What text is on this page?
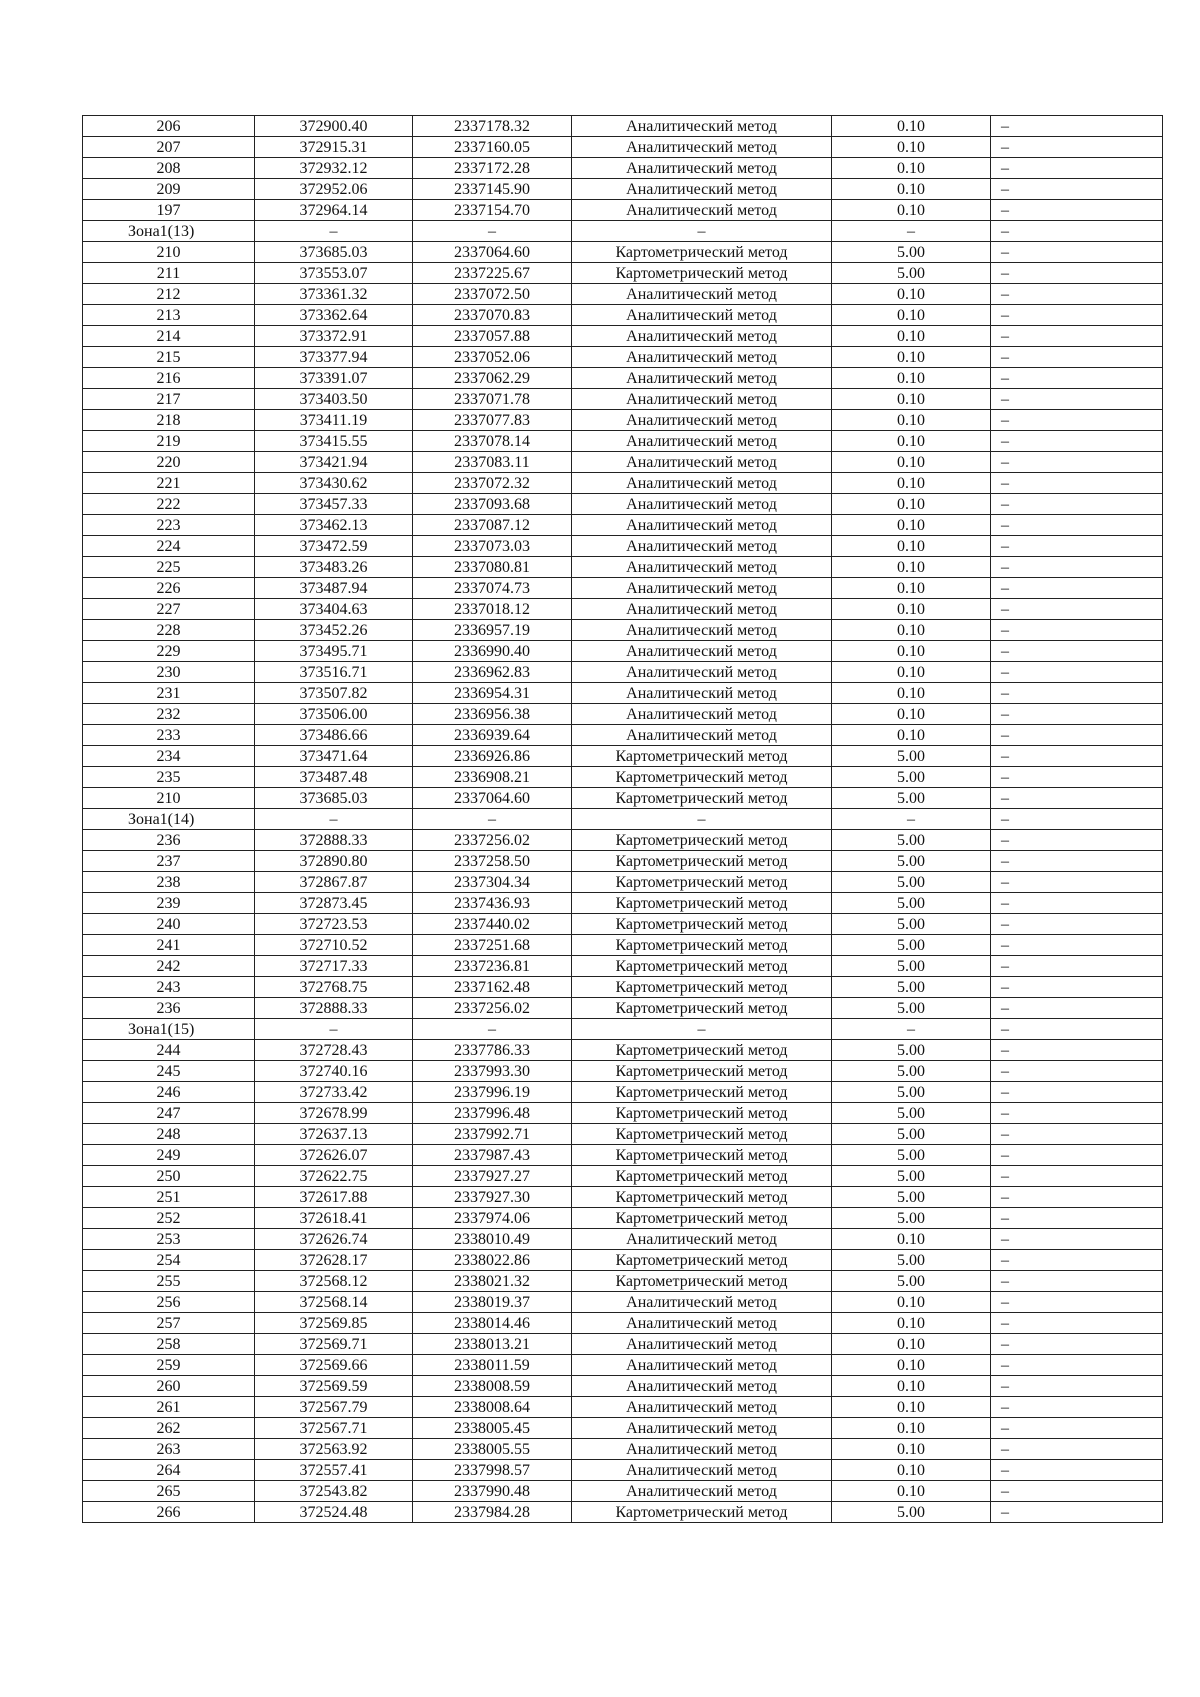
206	372900.40	2337178.32	Аналитический метод	0.10	–
207	372915.31	2337160.05	Аналитический метод	0.10	–
208	372932.12	2337172.28	Аналитический метод	0.10	–
209	372952.06	2337145.90	Аналитический метод	0.10	–
197	372964.14	2337154.70	Аналитический метод	0.10	–
Зона1(13)	–	–	–	–	–
210	373685.03	2337064.60	Картометрический метод	5.00	–
211	373553.07	2337225.67	Картометрический метод	5.00	–
212	373361.32	2337072.50	Аналитический метод	0.10	–
213	373362.64	2337070.83	Аналитический метод	0.10	–
214	373372.91	2337057.88	Аналитический метод	0.10	–
215	373377.94	2337052.06	Аналитический метод	0.10	–
216	373391.07	2337062.29	Аналитический метод	0.10	–
217	373403.50	2337071.78	Аналитический метод	0.10	–
218	373411.19	2337077.83	Аналитический метод	0.10	–
219	373415.55	2337078.14	Аналитический метод	0.10	–
220	373421.94	2337083.11	Аналитический метод	0.10	–
221	373430.62	2337072.32	Аналитический метод	0.10	–
222	373457.33	2337093.68	Аналитический метод	0.10	–
223	373462.13	2337087.12	Аналитический метод	0.10	–
224	373472.59	2337073.03	Аналитический метод	0.10	–
225	373483.26	2337080.81	Аналитический метод	0.10	–
226	373487.94	2337074.73	Аналитический метод	0.10	–
227	373404.63	2337018.12	Аналитический метод	0.10	–
228	373452.26	2336957.19	Аналитический метод	0.10	–
229	373495.71	2336990.40	Аналитический метод	0.10	–
230	373516.71	2336962.83	Аналитический метод	0.10	–
231	373507.82	2336954.31	Аналитический метод	0.10	–
232	373506.00	2336956.38	Аналитический метод	0.10	–
233	373486.66	2336939.64	Аналитический метод	0.10	–
234	373471.64	2336926.86	Картометрический метод	5.00	–
235	373487.48	2336908.21	Картометрический метод	5.00	–
210	373685.03	2337064.60	Картометрический метод	5.00	–
Зона1(14)	–	–	–	–	–
236	372888.33	2337256.02	Картометрический метод	5.00	–
237	372890.80	2337258.50	Картометрический метод	5.00	–
238	372867.87	2337304.34	Картометрический метод	5.00	–
239	372873.45	2337436.93	Картометрический метод	5.00	–
240	372723.53	2337440.02	Картометрический метод	5.00	–
241	372710.52	2337251.68	Картометрический метод	5.00	–
242	372717.33	2337236.81	Картометрический метод	5.00	–
243	372768.75	2337162.48	Картометрический метод	5.00	–
236	372888.33	2337256.02	Картометрический метод	5.00	–
Зона1(15)	–	–	–	–	–
244	372728.43	2337786.33	Картометрический метод	5.00	–
245	372740.16	2337993.30	Картометрический метод	5.00	–
246	372733.42	2337996.19	Картометрический метод	5.00	–
247	372678.99	2337996.48	Картометрический метод	5.00	–
248	372637.13	2337992.71	Картометрический метод	5.00	–
249	372626.07	2337987.43	Картометрический метод	5.00	–
250	372622.75	2337927.27	Картометрический метод	5.00	–
251	372617.88	2337927.30	Картометрический метод	5.00	–
252	372618.41	2337974.06	Картометрический метод	5.00	–
253	372626.74	2338010.49	Аналитический метод	0.10	–
254	372628.17	2338022.86	Картометрический метод	5.00	–
255	372568.12	2338021.32	Картометрический метод	5.00	–
256	372568.14	2338019.37	Аналитический метод	0.10	–
257	372569.85	2338014.46	Аналитический метод	0.10	–
258	372569.71	2338013.21	Аналитический метод	0.10	–
259	372569.66	2338011.59	Аналитический метод	0.10	–
260	372569.59	2338008.59	Аналитический метод	0.10	–
261	372567.79	2338008.64	Аналитический метод	0.10	–
262	372567.71	2338005.45	Аналитический метод	0.10	–
263	372563.92	2338005.55	Аналитический метод	0.10	–
264	372557.41	2337998.57	Аналитический метод	0.10	–
265	372543.82	2337990.48	Аналитический метод	0.10	–
266	372524.48	2337984.28	Картометрический метод	5.00	–
